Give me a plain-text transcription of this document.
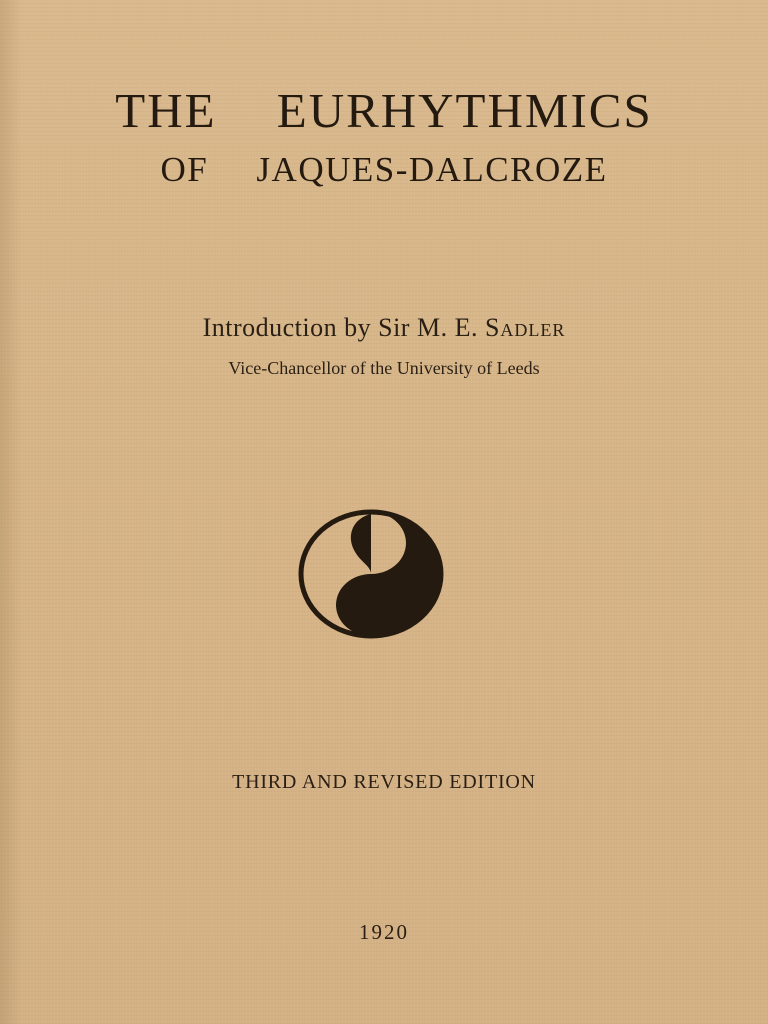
THE EURHYTHMICS
OF JAQUES-DALCROZE
Introduction by Sir M. E. Sadler
Vice-Chancellor of the University of Leeds
THIRD AND REVISED EDITION
1920
